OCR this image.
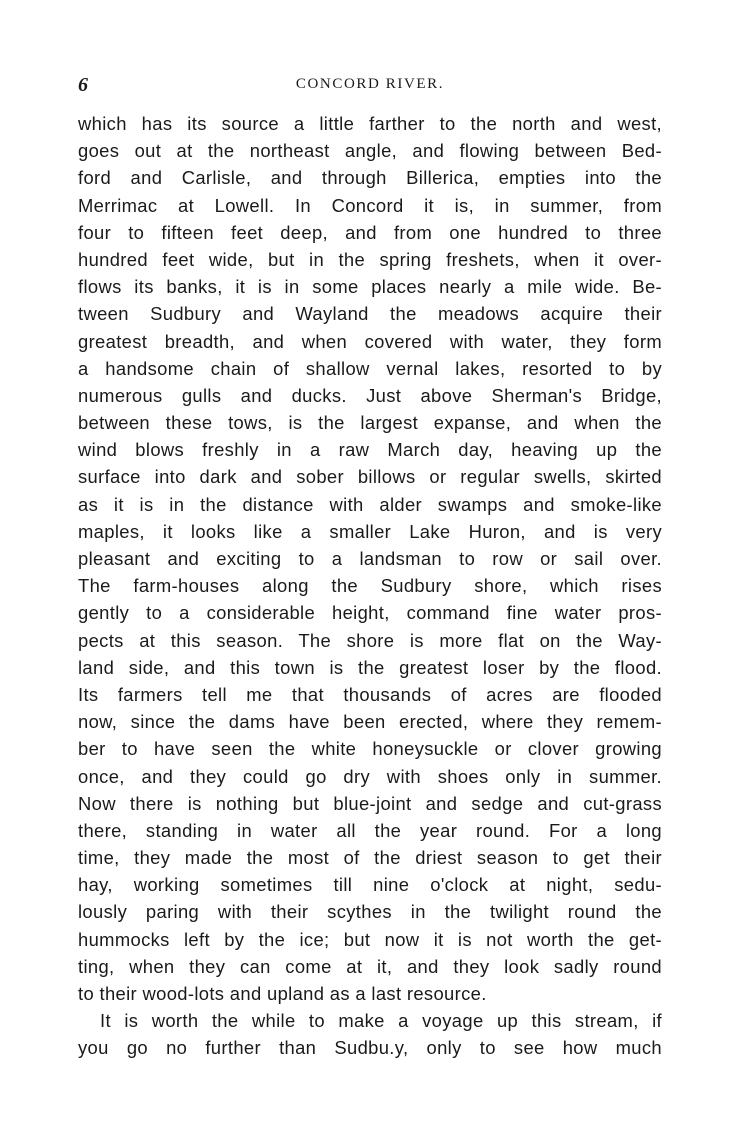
6	CONCORD RIVER.
which has its source a little farther to the north and west,
goes out at the northeast angle, and flowing between Bed-
ford and Carlisle, and through Billerica, empties into the
Merrimac at Lowell. In Concord it is, in summer, from
four to fifteen feet deep, and from one hundred to three
hundred feet wide, but in the spring freshets, when it over-
flows its banks, it is in some places nearly a mile wide. Be-
tween Sudbury and Wayland the meadows acquire their
greatest breadth, and when covered with water, they form
a handsome chain of shallow vernal lakes, resorted to by
numerous gulls and ducks. Just above Sherman's Bridge,
between these tows, is the largest expanse, and when the
wind blows freshly in a raw March day, heaving up the
surface into dark and sober billows or regular swells, skirted
as it is in the distance with alder swamps and smoke-like
maples, it looks like a smaller Lake Huron, and is very
pleasant and exciting to a landsman to row or sail over.
The farm-houses along the Sudbury shore, which rises
gently to a considerable height, command fine water pros-
pects at this season. The shore is more flat on the Way-
land side, and this town is the greatest loser by the flood.
Its farmers tell me that thousands of acres are flooded
now, since the dams have been erected, where they remem-
ber to have seen the white honeysuckle or clover growing
once, and they could go dry with shoes only in summer.
Now there is nothing but blue-joint and sedge and cut-grass
there, standing in water all the year round. For a long
time, they made the most of the driest season to get their
hay, working sometimes till nine o'clock at night, sedu-
lously paring with their scythes in the twilight round the
hummocks left by the ice; but now it is not worth the get-
ting, when they can come at it, and they look sadly round
to their wood-lots and upland as a last resource.
It is worth the while to make a voyage up this stream, if
you go no further than Sudbu.y, only to see how much
